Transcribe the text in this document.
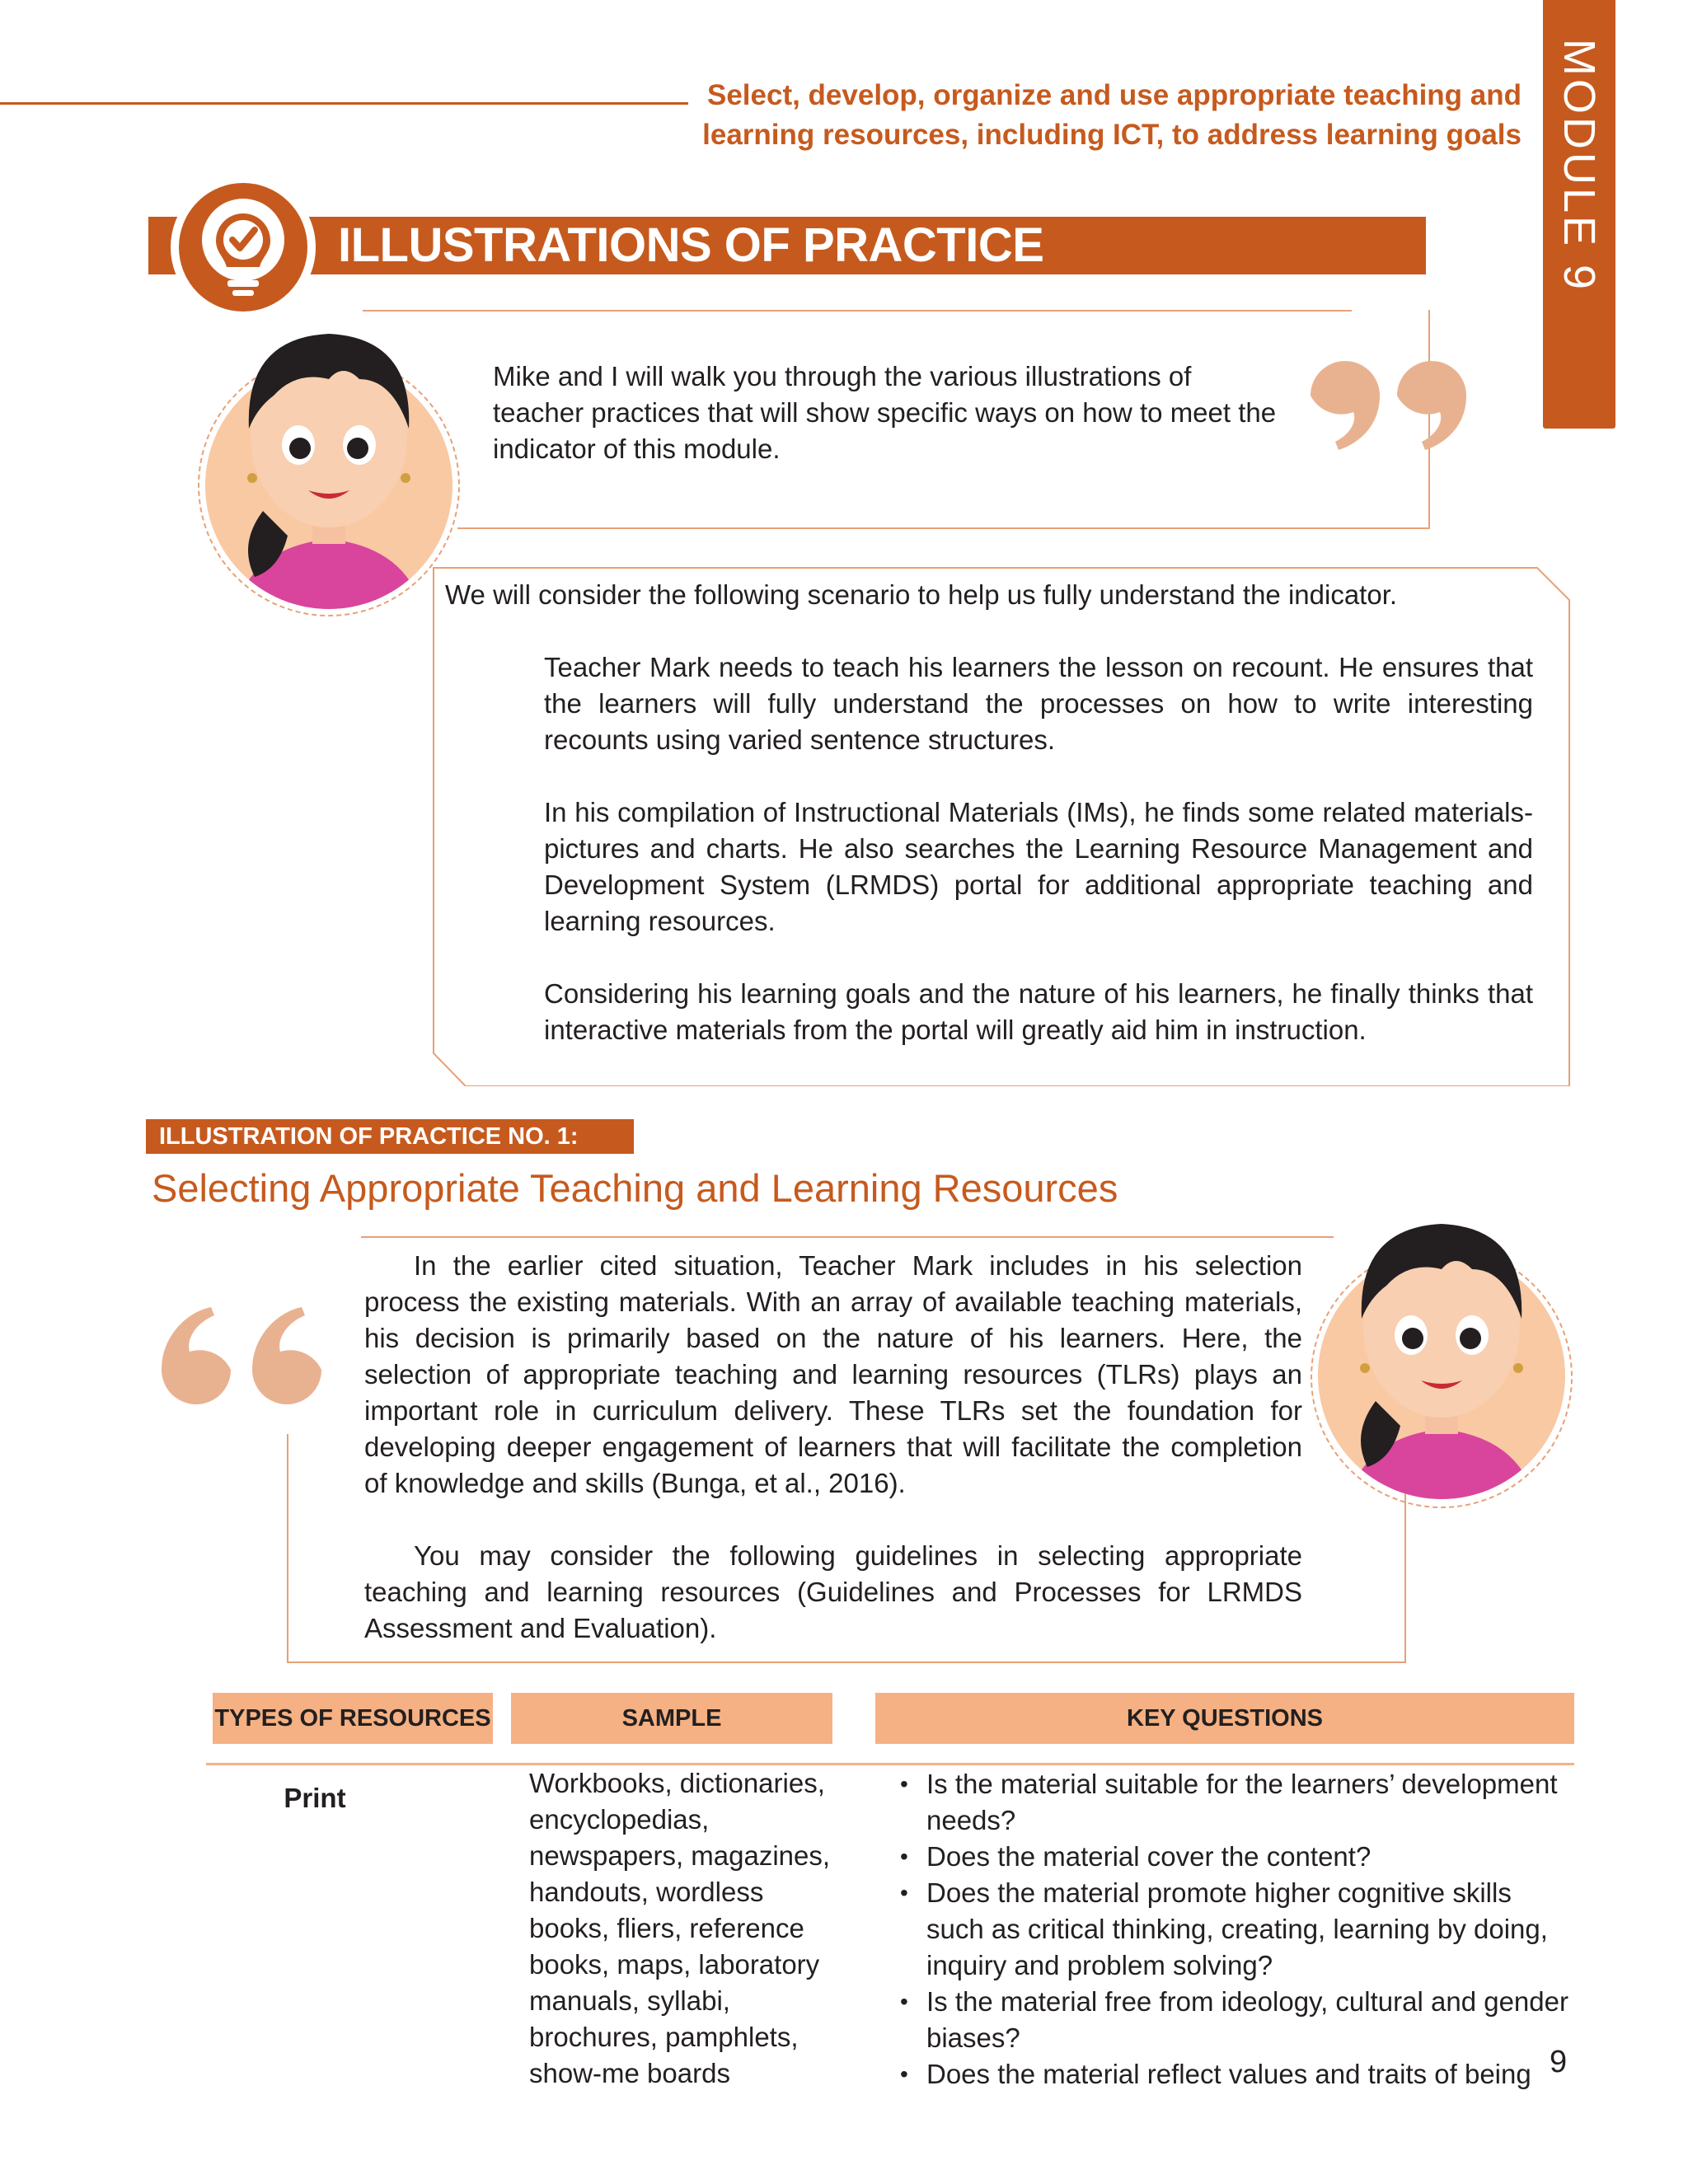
Select, develop, organize and use appropriate teaching and
learning resources, including ICT, to address learning goals MODULE 9
ILLUSTRATIONS OF PRACTICE
Mike and I will walk you through the various illustrations of teacher practices that will show specific ways on how to meet the indicator of this module.
We will consider the following scenario to help us fully understand the indicator.
Teacher Mark needs to teach his learners the lesson on recount. He ensures that the learners will fully understand the processes on how to write interesting recounts using varied sentence structures.
In his compilation of Instructional Materials (IMs), he finds some related materials- pictures and charts. He also searches the Learning Resource Management and Development System (LRMDS) portal for additional appropriate teaching and learning resources.
Considering his learning goals and the nature of his learners, he finally thinks that interactive materials from the portal will greatly aid him in instruction.
ILLUSTRATION OF PRACTICE NO. 1:
Selecting Appropriate Teaching and Learning Resources
In the earlier cited situation, Teacher Mark includes in his selection process the existing materials. With an array of available teaching materials, his decision is primarily based on the nature of his learners. Here, the selection of appropriate teaching and learning resources (TLRs) plays an important role in curriculum delivery. These TLRs set the foundation for developing deeper engagement of learners that will facilitate the completion of knowledge and skills (Bunga, et al., 2016).
You may consider the following guidelines in selecting appropriate teaching and learning resources (Guidelines and Processes for LRMDS Assessment and Evaluation).
TYPES OF RESOURCES	SAMPLE	KEY QUESTIONS
Print	Workbooks, dictionaries, encyclopedias, newspapers, magazines, handouts, wordless books, fliers, reference books, maps, laboratory manuals, syllabi, brochures, pamphlets, show-me boards
• Is the material suitable for the learners’ development needs?
• Does the material cover the content?
• Does the material promote higher cognitive skills such as critical thinking, creating, learning by doing, inquiry and problem solving?
• Is the material free from ideology, cultural and gender biases?
• Does the material reflect values and traits of being 9
